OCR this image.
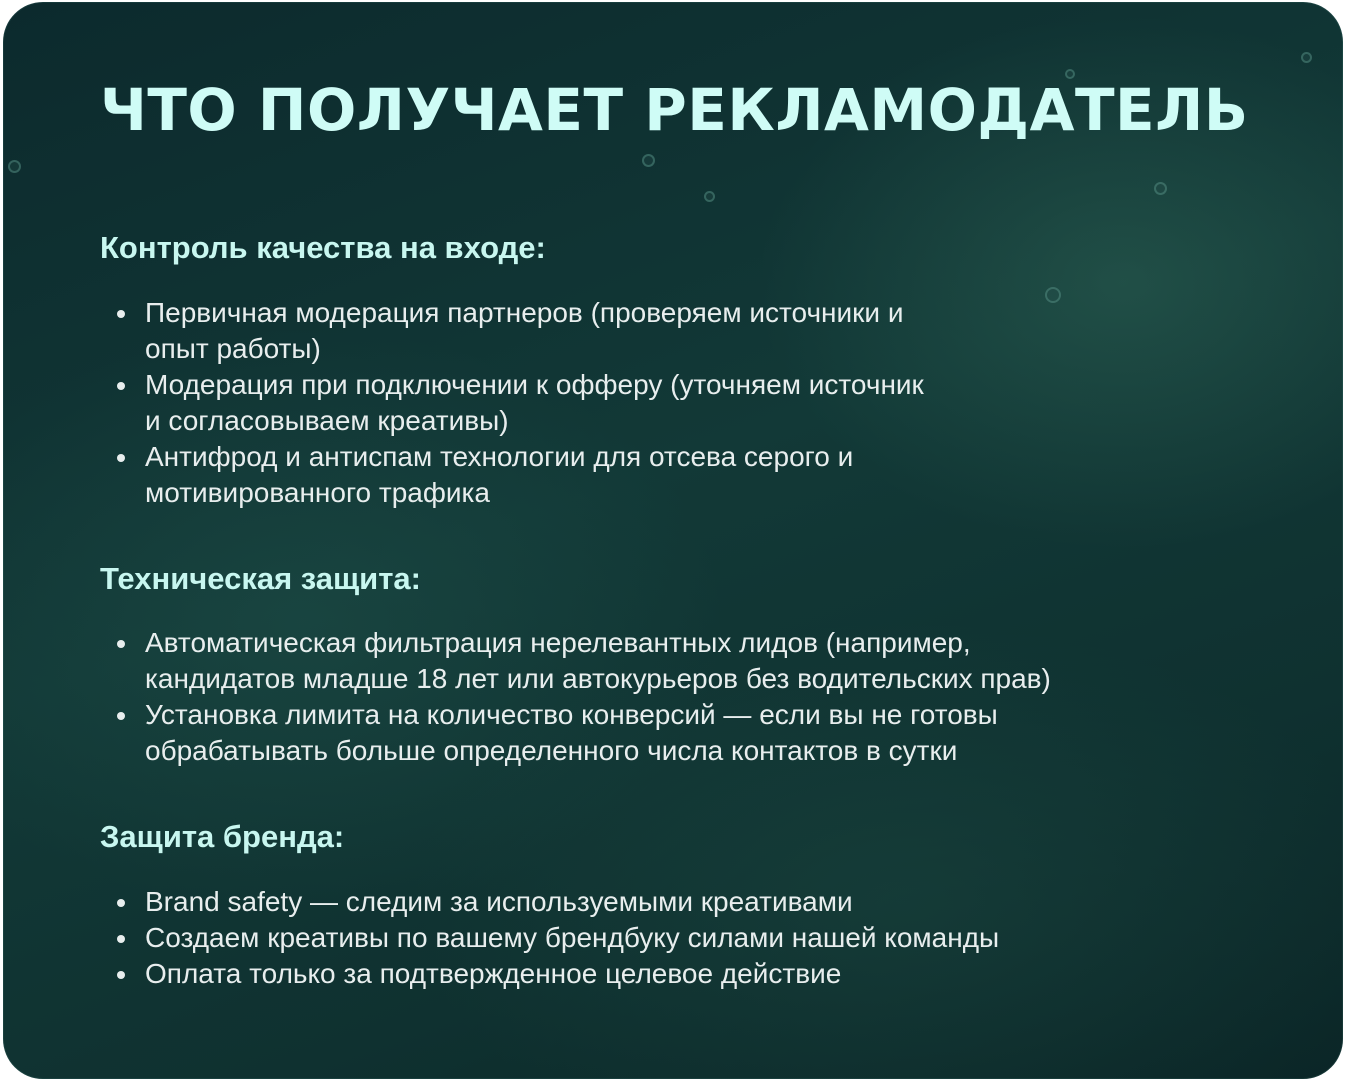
ЧТО ПОЛУЧАЕТ РЕКЛАМОДАТЕЛЬ
Контроль качества на входе:
Первичная модерация партнеров (проверяем источники и
опыт работы)
Модерация при подключении к офферу (уточняем источник
и согласовываем креативы)
Антифрод и антиспам технологии для отсева серого и
мотивированного трафика
Техническая защита:
Автоматическая фильтрация нерелевантных лидов (например,
кандидатов младше 18 лет или автокурьеров без водительских прав)
Установка лимита на количество конверсий — если вы не готовы
обрабатывать больше определенного числа контактов в сутки
Защита бренда:
Brand safety — следим за используемыми креативами
Создаем креативы по вашему брендбуку силами нашей команды
Оплата только за подтвержденное целевое действие
